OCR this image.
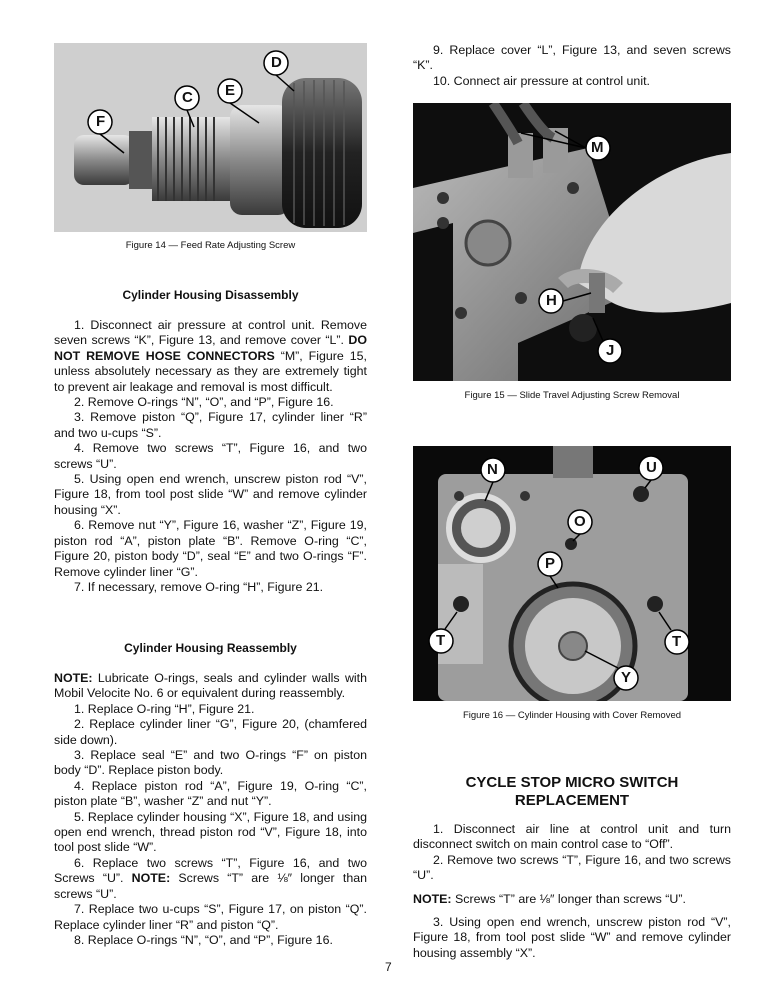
D
E
C
F
Figure 14 — Feed Rate Adjusting Screw
Cylinder Housing Disassembly

1. Disconnect air pressure at control unit. Remove seven screws “K”, Figure 13, and remove cover “L”. DO NOT REMOVE HOSE CONNECTORS “M”, Figure 15, unless absolutely necessary as they are extremely tight to prevent air leakage and removal is most difficult.

2. Remove O-rings “N”, “O”, and “P”, Figure 16.

3. Remove piston “Q”, Figure 17, cylinder liner “R” and two u-cups “S”.

4. Remove two screws “T”, Figure 16, and two screws “U”.

5. Using open end wrench, unscrew piston rod “V”, Figure 18, from tool post slide “W” and remove cylinder housing “X”.

6. Remove nut “Y”, Figure 16, washer “Z”, Figure 19, piston rod “A”, piston plate “B”. Remove O-ring “C”, Figure 20, piston body “D”, seal “E” and two O-rings “F”. Remove cylinder liner “G”.

7. If necessary, remove O-ring “H”, Figure 21.

Cylinder Housing Reassembly

NOTE: Lubricate O-rings, seals and cylinder walls with Mobil Velocite No. 6 or equivalent during reassembly.

1. Replace O-ring “H”, Figure 21.

2. Replace cylinder liner “G”, Figure 20, (chamfered side down).

3. Replace seal “E” and two O-rings “F” on piston body “D”. Replace piston body.

4. Replace piston rod “A”, Figure 19, O-ring “C”, piston plate “B”, washer “Z” and nut “Y”.

5. Replace cylinder housing “X”, Figure 18, and using open end wrench, thread piston rod “V”, Figure 18, into tool post slide “W”.

6. Replace two screws “T”, Figure 16, and two Screws “U”. NOTE: Screws “T” are ⅛″ longer than screws “U”.

7. Replace two u-cups “S”, Figure 17, on piston “Q”. Replace cylinder liner “R” and piston “Q”.

8. Replace O-rings “N”, “O”, and “P”, Figure 16.

9. Replace cover “L”, Figure 13, and seven screws “K”.

10. Connect air pressure at control unit.

M
H
J
Figure 15 — Slide Travel Adjusting Screw Removal
N	U
O
P
T	T
Y
Figure 16 — Cylinder Housing with Cover Removed
CYCLE STOP MICRO SWITCH
REPLACEMENT

1. Disconnect air line at control unit and turn disconnect switch on main control case to “Off”.

2. Remove two screws “T”, Figure 16, and two screws “U”.

NOTE: Screws “T” are ⅛″ longer than screws “U”.

3. Using open end wrench, unscrew piston rod “V”, Figure 18, from tool post slide “W” and remove cylinder housing assembly “X”.

7
